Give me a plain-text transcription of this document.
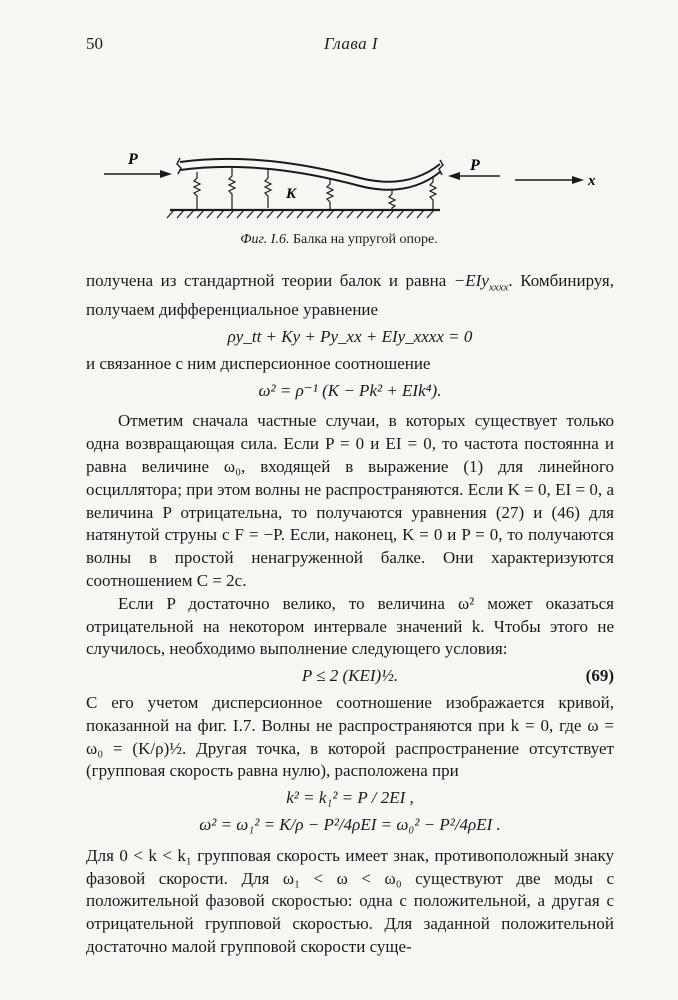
50	Глава I
P	P
K
x
Фиг. I.6. Балка на упругой опоре.

получена из стандартной теории балок и равна −EIy$_{xxxx}$. Комбинируя, получаем дифференциальное уравнение

ρy_tt + Ky + Py_xx + EIy_xxxx = 0

и связанное с ним дисперсионное соотношение

ω² = ρ⁻¹ (K − Pk² + EIk⁴).

Отметим сначала частные случаи, в которых существует только одна возвращающая сила. Если P = 0 и EI = 0, то частота постоянна и равна величине ω₀, входящей в выражение (1) для линейного осциллятора; при этом волны не распространяются. Если K = 0, EI = 0, а величина P отрицательна, то получаются уравнения (27) и (46) для натянутой струны с F = −P. Если, наконец, K = 0 и P = 0, то получаются волны в простой ненагруженной балке. Они характеризуются соотношением C = 2c.

Если P достаточно велико, то величина ω² может оказаться отрицательной на некотором интервале значений k. Чтобы этого не случилось, необходимо выполнение следующего условия:

P ≤ 2 (KEI)½.	(69)

С его учетом дисперсионное соотношение изображается кривой, показанной на фиг. I.7. Волны не распространяются при k = 0, где ω = ω₀ = (K/ρ)½. Другая точка, в которой распространение отсутствует (групповая скорость равна нулю), расположена при

k² = k₁² = P / 2EI ,
ω² = ω₁² = K/ρ − P²/4ρEI = ω₀² − P²/4ρEI .

Для 0 < k < k₁ групповая скорость имеет знак, противоположный знаку фазовой скорости. Для ω₁ < ω < ω₀ существуют две моды с положительной фазовой скоростью: одна с положительной, а другая с отрицательной групповой скоростью. Для заданной положительной достаточно малой групповой скорости суще-
